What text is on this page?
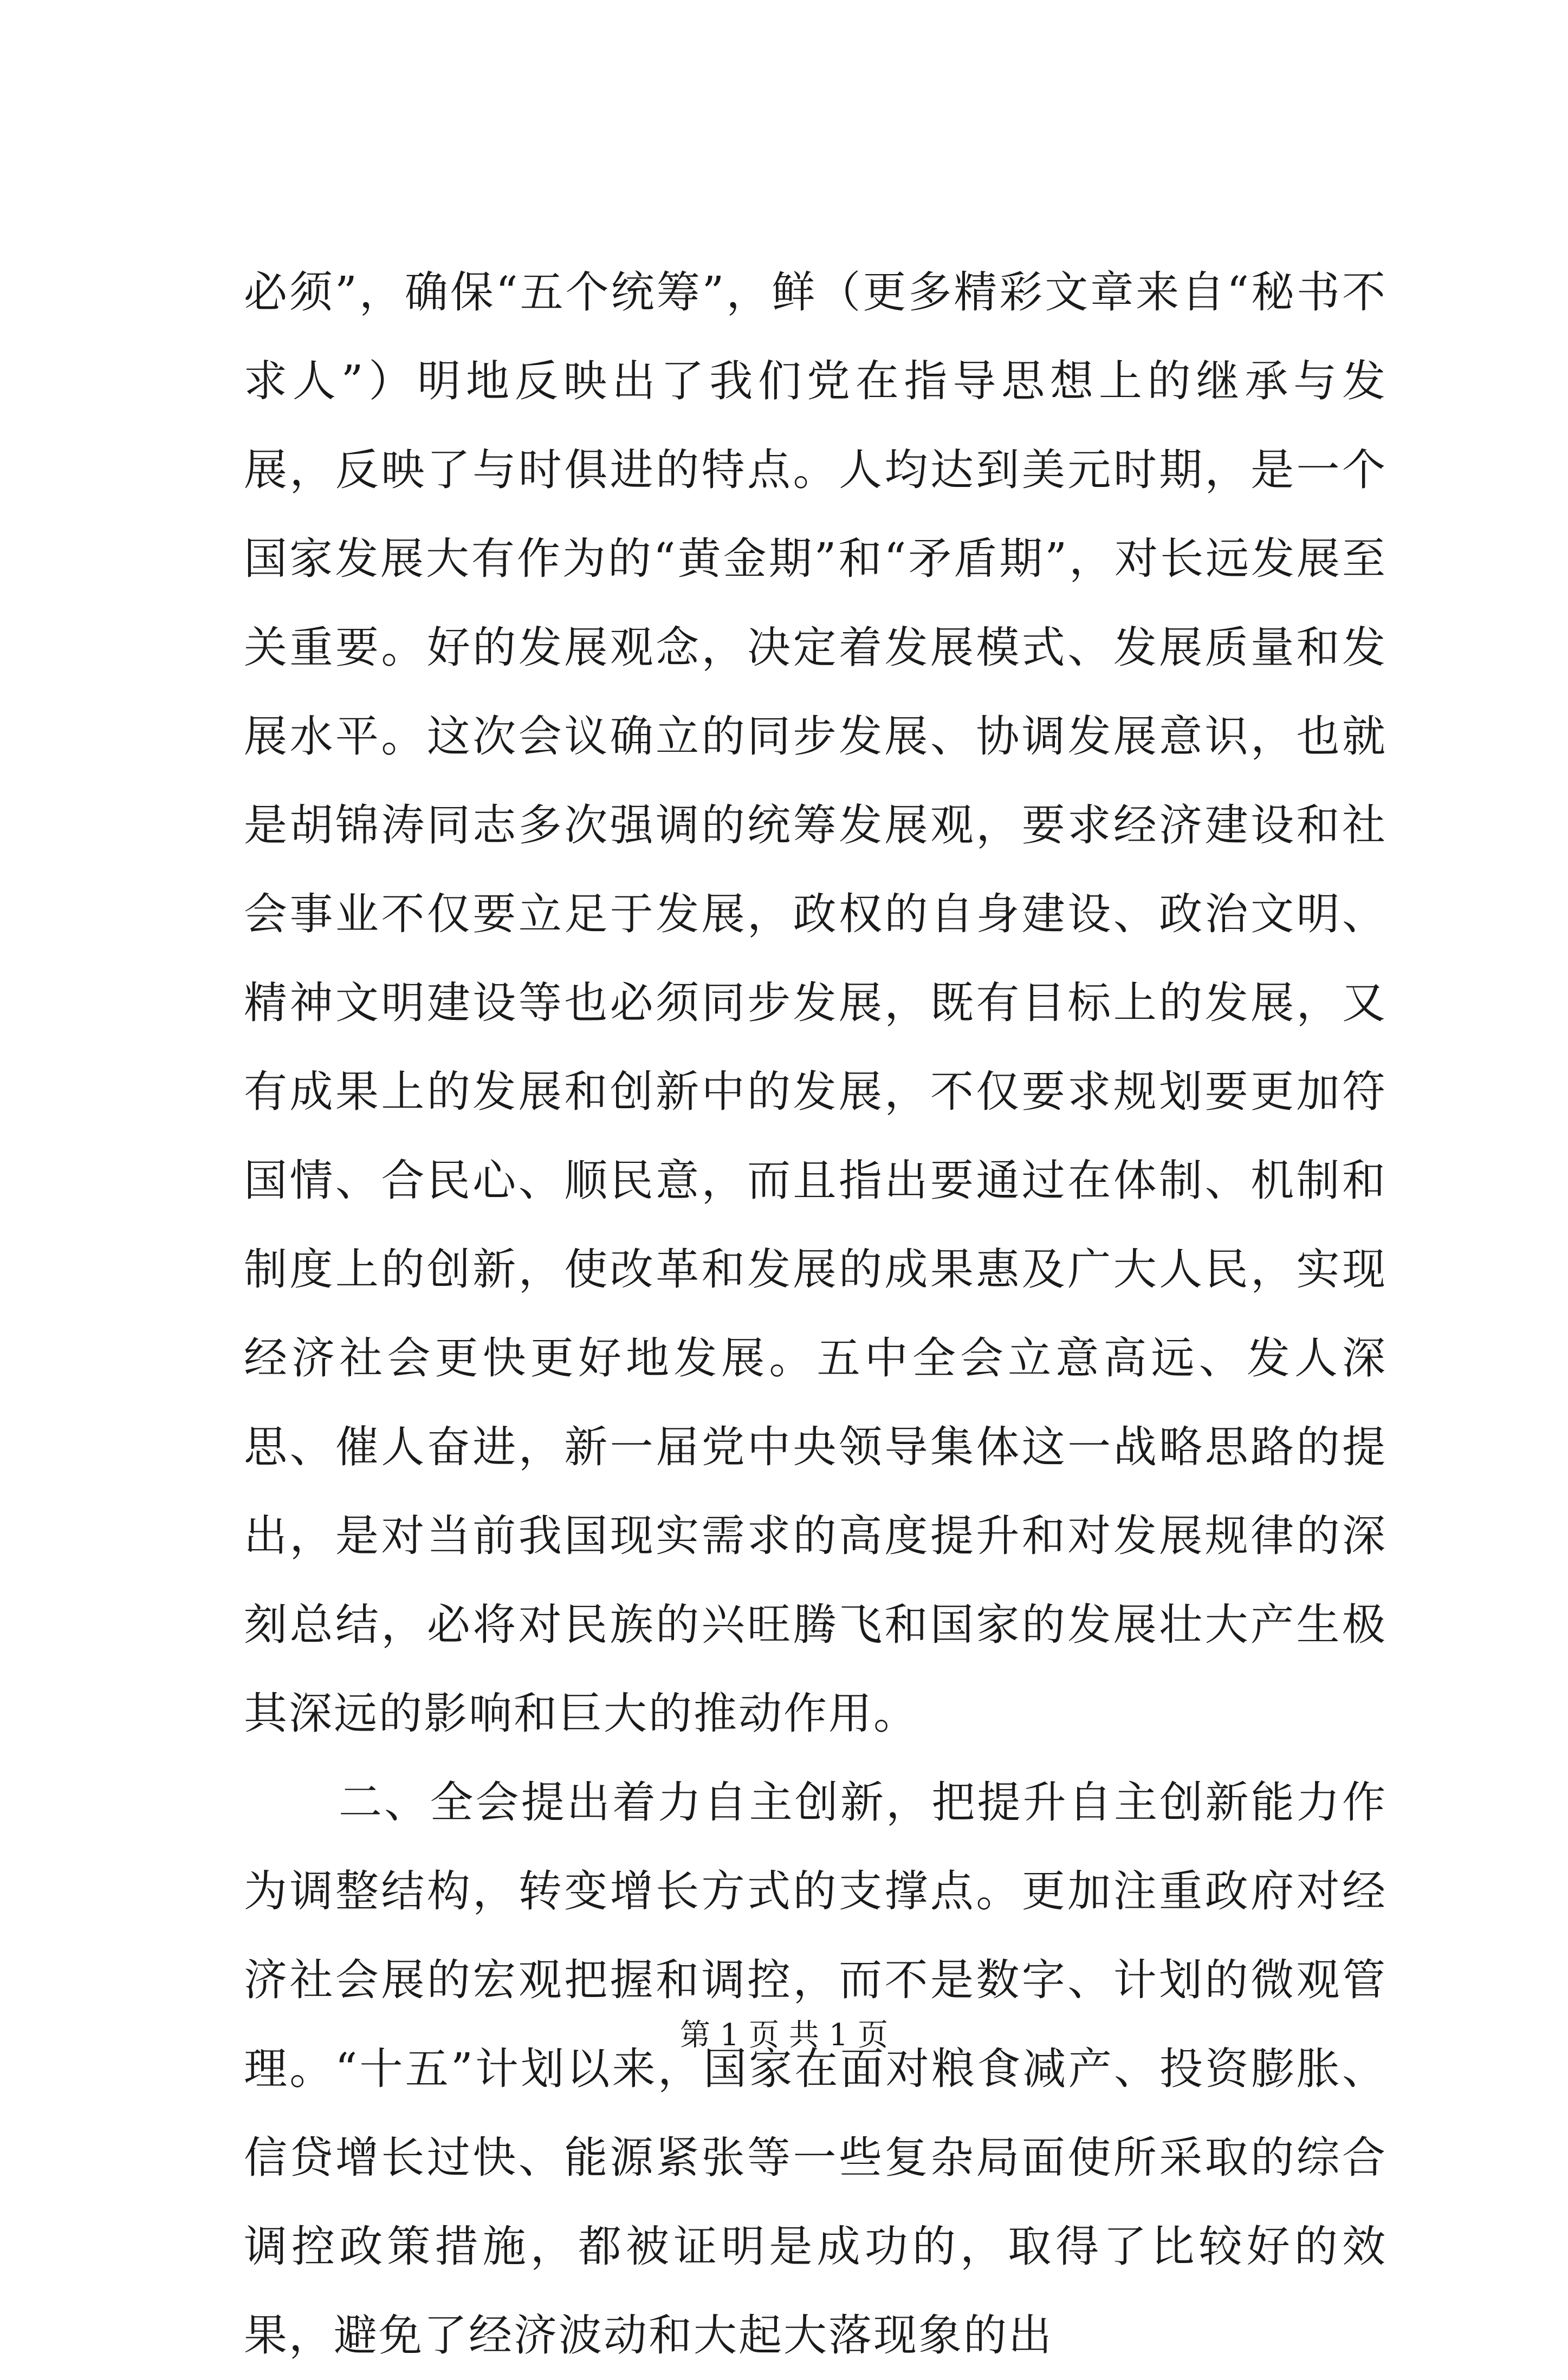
必须”，确保“五个统筹”，鲜（更多精彩文章来自“秘书不求人”）明地反映出了我们党在指导思想上的继承与发展，反映了与时俱进的特点。人均达到美元时期，是一个国家发展大有作为的“黄金期”和“矛盾期”，对长远发展至关重要。好的发展观念，决定着发展模式、发展质量和发展水平。这次会议确立的同步发展、协调发展意识，也就是胡锦涛同志多次强调的统筹发展观，要求经济建设和社会事业不仅要立足于发展，政权的自身建设、政治文明、精神文明建设等也必须同步发展，既有目标上的发展，又有成果上的发展和创新中的发展，不仅要求规划要更加符国情、合民心、顺民意，而且指出要通过在体制、机制和制度上的创新，使改革和发展的成果惠及广大人民，实现经济社会更快更好地发展。五中全会立意高远、发人深思、催人奋进，新一届党中央领导集体这一战略思路的提出，是对当前我国现实需求的高度提升和对发展规律的深刻总结，必将对民族的兴旺腾飞和国家的发展壮大产生极其深远的影响和巨大的推动作用。

二、全会提出着力自主创新，把提升自主创新能力作为调整结构，转变增长方式的支撑点。更加注重政府对经济社会展的宏观把握和调控，而不是数字、计划的微观管理。“十五”计划以来，国家在面对粮食减产、投资膨胀、信贷增长过快、能源紧张等一些复杂局面使所采取的综合调控政策措施，都被证明是成功的，取得了比较好的效果，避免了经济波动和大起大落现象的出

第 1 页 共 1 页
